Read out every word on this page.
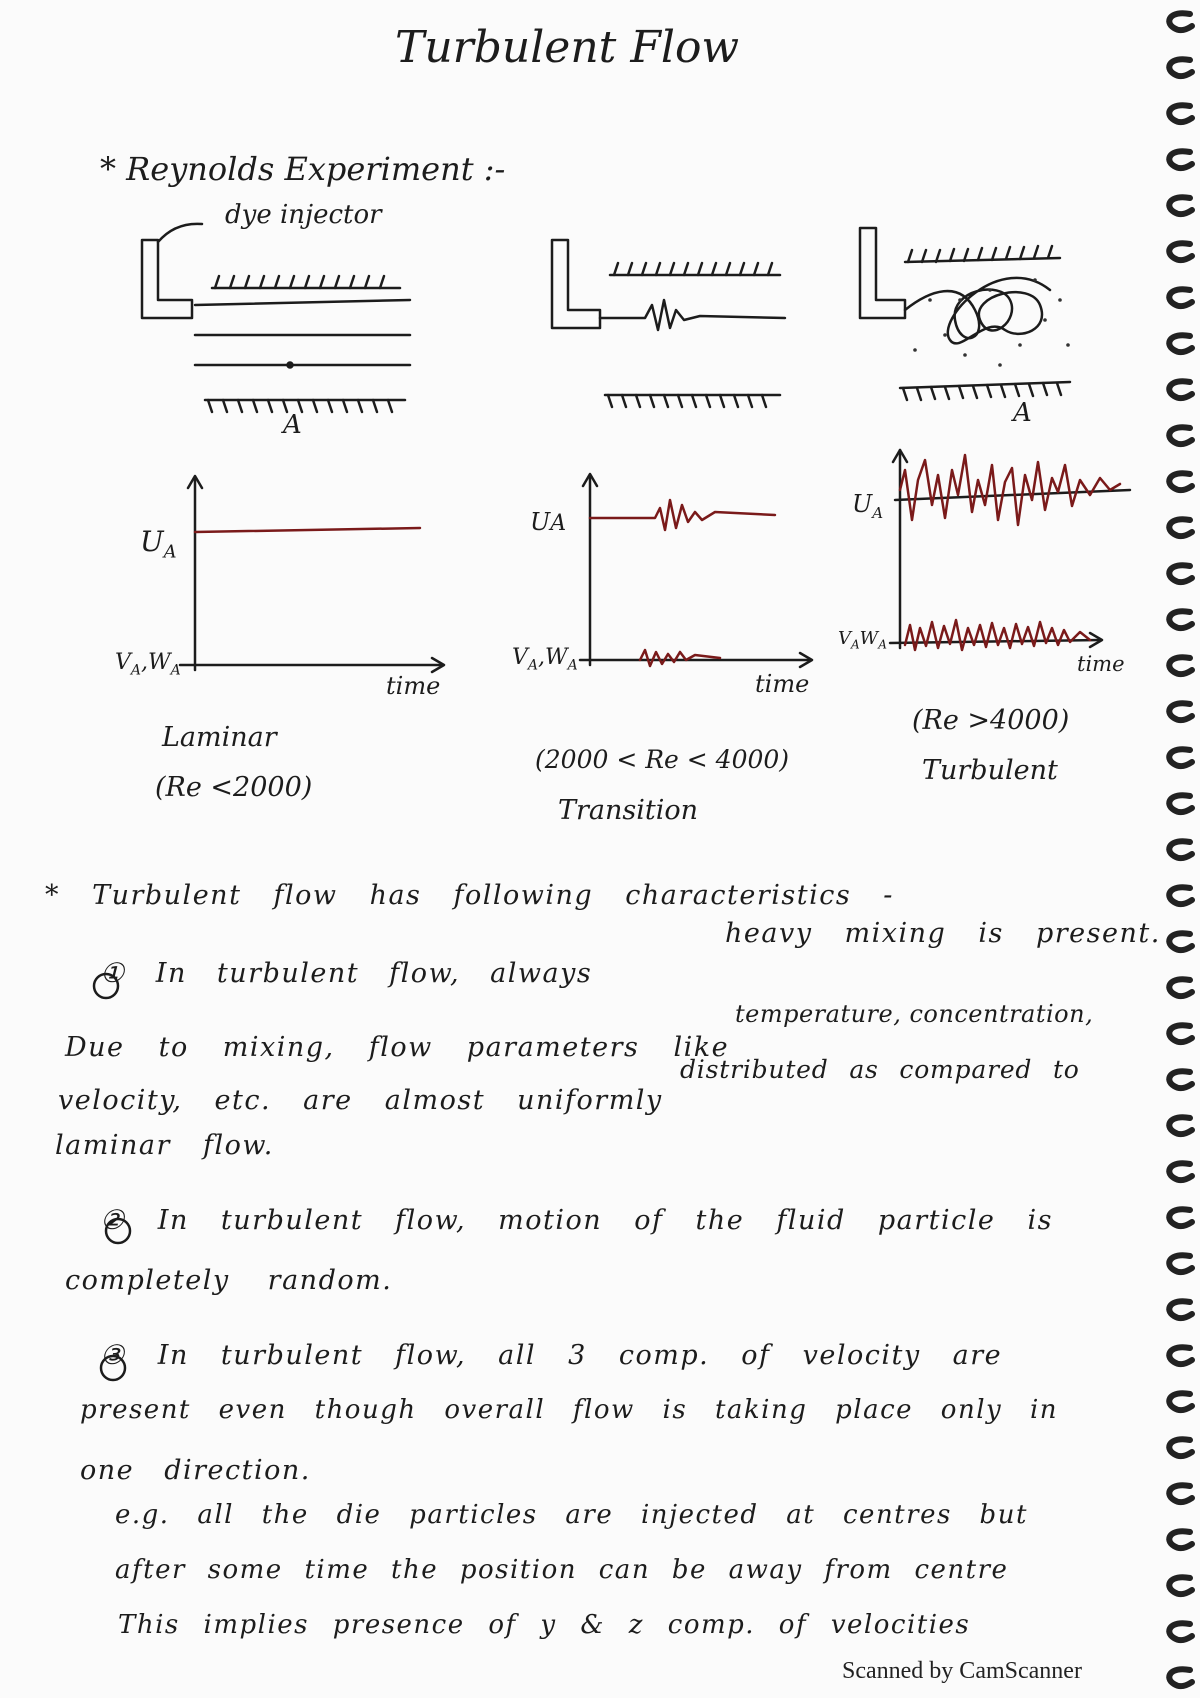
Turbulent Flow
* Reynolds Experiment :-
dye injector
A	A
$U_A$
$V_A,W_A$
time
UA
$V_A,W_A$
time
$U_A$
$V_AW_A$
time
Laminar
(Re <2000)
(2000 < Re < 4000)
Transition
(Re >4000)
Turbulent
* Turbulent flow has following characteristics -
heavy mixing is present.
① In turbulent flow, always
temperature, concentration,
Due to mixing, flow parameters like
distributed as compared to
velocity, etc. are almost uniformly
laminar flow.
② In turbulent flow, motion of the fluid particle is
completely random.
③ In turbulent flow, all 3 comp. of velocity are
present even though overall flow is taking place only in
one direction.
e.g. all the die particles are injected at centres but
after some time the position can be away from centre
This implies presence of y & z comp. of velocities
Scanned by CamScanner
